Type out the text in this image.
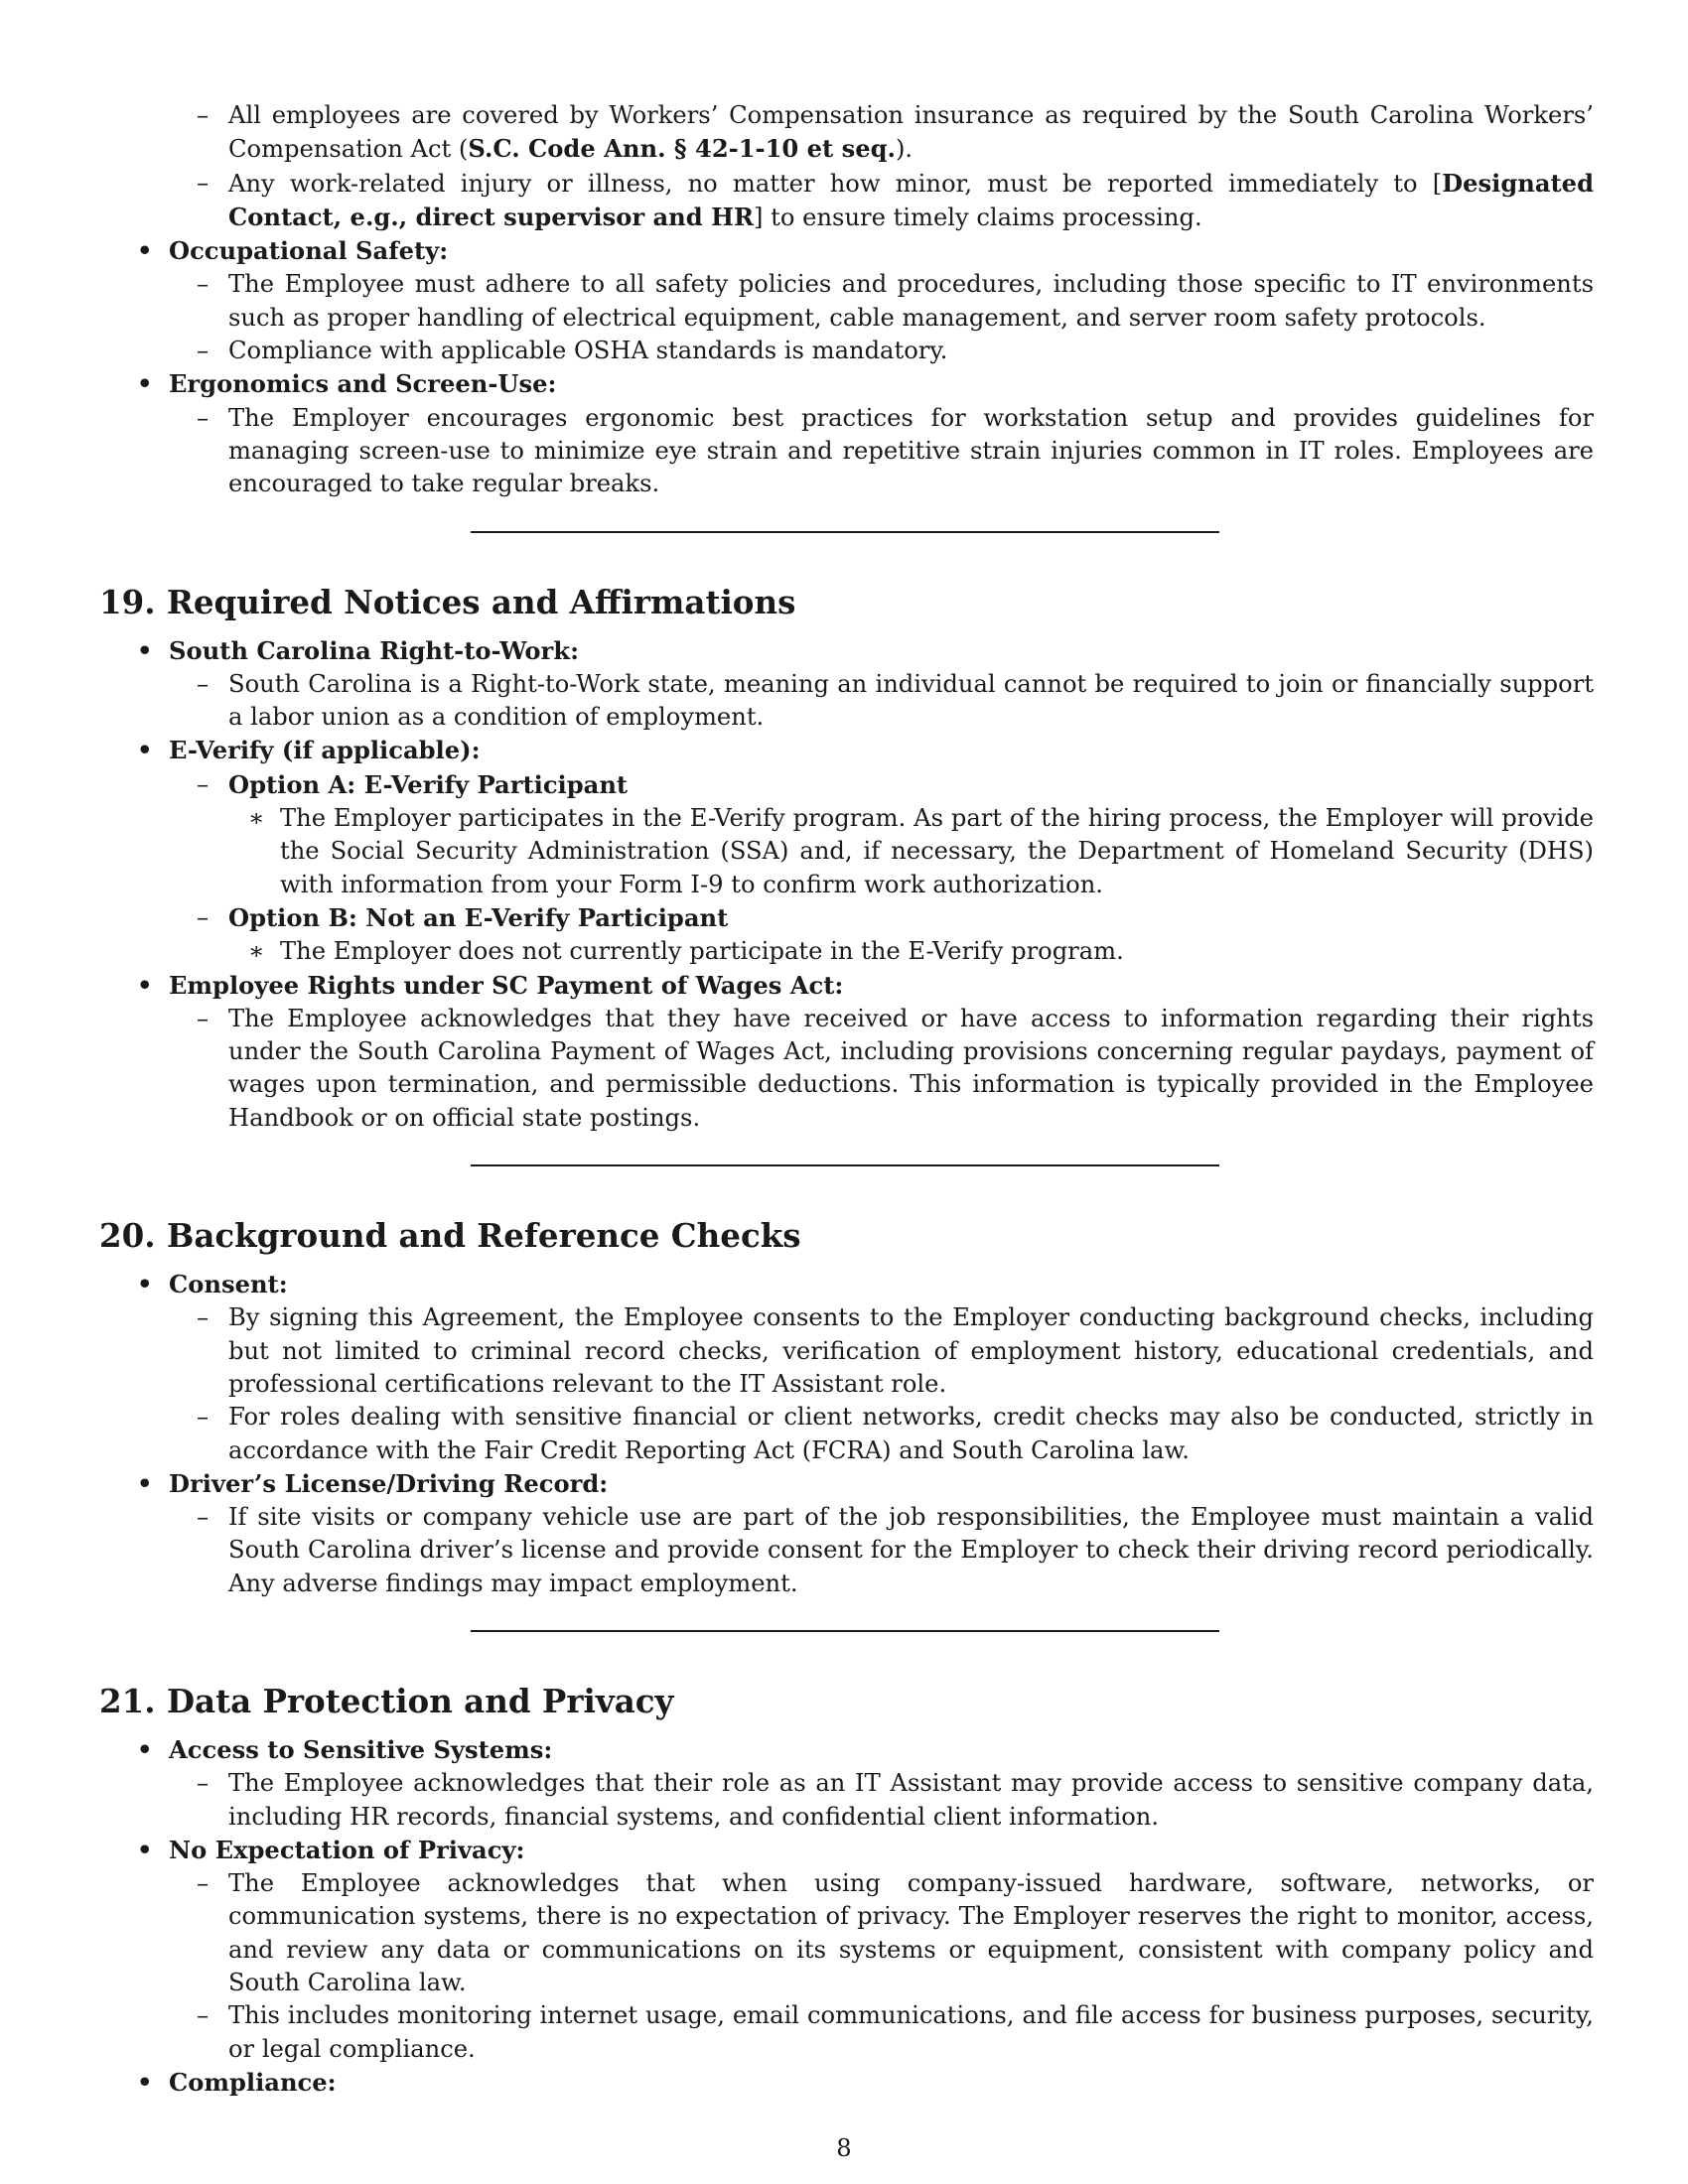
– All employees are covered by Workers’ Compensation insurance as required by the South Carolina Workers’ Compensation Act (S.C. Code Ann. § 42-1-10 et seq.).
– Any work-related injury or illness, no matter how minor, must be reported immediately to [Designated Contact, e.g., direct supervisor and HR] to ensure timely claims processing.
• Occupational Safety:
– The Employee must adhere to all safety policies and procedures, including those specific to IT environments such as proper handling of electrical equipment, cable management, and server room safety protocols.
– Compliance with applicable OSHA standards is mandatory.
• Ergonomics and Screen-Use:
– The Employer encourages ergonomic best practices for workstation setup and provides guidelines for managing screen-use to minimize eye strain and repetitive strain injuries common in IT roles. Employees are encouraged to take regular breaks.
19. Required Notices and Affirmations
• South Carolina Right-to-Work:
– South Carolina is a Right-to-Work state, meaning an individual cannot be required to join or financially support a labor union as a condition of employment.
• E-Verify (if applicable):
– Option A: E-Verify Participant
∗ The Employer participates in the E-Verify program. As part of the hiring process, the Employer will provide the Social Security Administration (SSA) and, if necessary, the Department of Homeland Security (DHS) with information from your Form I-9 to confirm work authorization.
– Option B: Not an E-Verify Participant
∗ The Employer does not currently participate in the E-Verify program.
• Employee Rights under SC Payment of Wages Act:
– The Employee acknowledges that they have received or have access to information regarding their rights under the South Carolina Payment of Wages Act, including provisions concerning regular paydays, payment of wages upon termination, and permissible deductions. This information is typically provided in the Employee Handbook or on official state postings.
20. Background and Reference Checks
• Consent:
– By signing this Agreement, the Employee consents to the Employer conducting background checks, including but not limited to criminal record checks, verification of employment history, educational credentials, and professional certifications relevant to the IT Assistant role.
– For roles dealing with sensitive financial or client networks, credit checks may also be conducted, strictly in accordance with the Fair Credit Reporting Act (FCRA) and South Carolina law.
• Driver’s License/Driving Record:
– If site visits or company vehicle use are part of the job responsibilities, the Employee must maintain a valid South Carolina driver’s license and provide consent for the Employer to check their driving record periodically. Any adverse findings may impact employment.
21. Data Protection and Privacy
• Access to Sensitive Systems:
– The Employee acknowledges that their role as an IT Assistant may provide access to sensitive company data, including HR records, financial systems, and confidential client information.
• No Expectation of Privacy:
– The Employee acknowledges that when using company-issued hardware, software, networks, or communication systems, there is no expectation of privacy. The Employer reserves the right to monitor, access, and review any data or communications on its systems or equipment, consistent with company policy and South Carolina law.
– This includes monitoring internet usage, email communications, and file access for business purposes, security, or legal compliance.
• Compliance:
8
